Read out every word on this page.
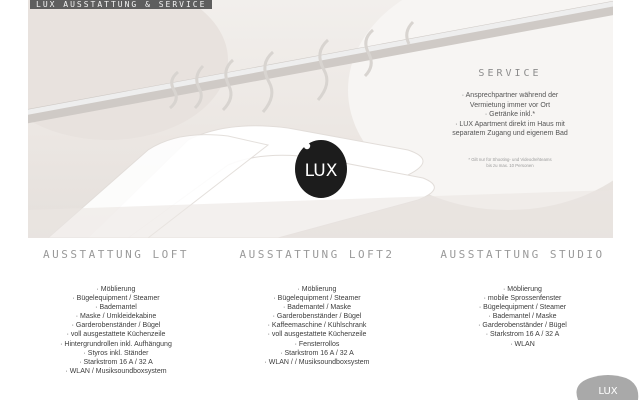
LUX
LUX AUSSTATTUNG & SERVICE
SERVICE
· Ansprechpartner während der
Vermietung immer vor Ort
· Getränke inkl.*
· LUX Apartment direkt im Haus mit
separatem Zugang und eigenem Bad
* Gilt nur für Shooting- und Videodrehteams
bis zu max. 10 Personen
AUSSTATTUNG LOFT
· Möblierung
· Bügelequipment / Steamer
· Bademantel
· Maske / Umkleidekabine
· Garderobenständer / Bügel
· voll ausgestattete Küchenzeile
· Hintergrundrollen inkl. Aufhängung
· Styros inkl. Ständer
· Starkstrom 16 A / 32 A
· WLAN / Musiksoundboxsystem
AUSSTATTUNG LOFT2
· Möblierung
· Bügelequipment / Steamer
· Bademantel / Maske
· Garderobenständer / Bügel
· Kaffeemaschine / Kühlschrank
· voll ausgestattete Küchenzeile
· Fensterrollos
· Starkstrom 16 A / 32 A
· WLAN / / Musiksoundboxsystem
AUSSTATTUNG STUDIO
· Möblierung
· mobile Sprossenfenster
· Bügelequipment / Steamer
· Bademantel / Maske
· Garderobenständer / Bügel
· Starkstrom 16 A / 32 A
· WLAN
LUX
